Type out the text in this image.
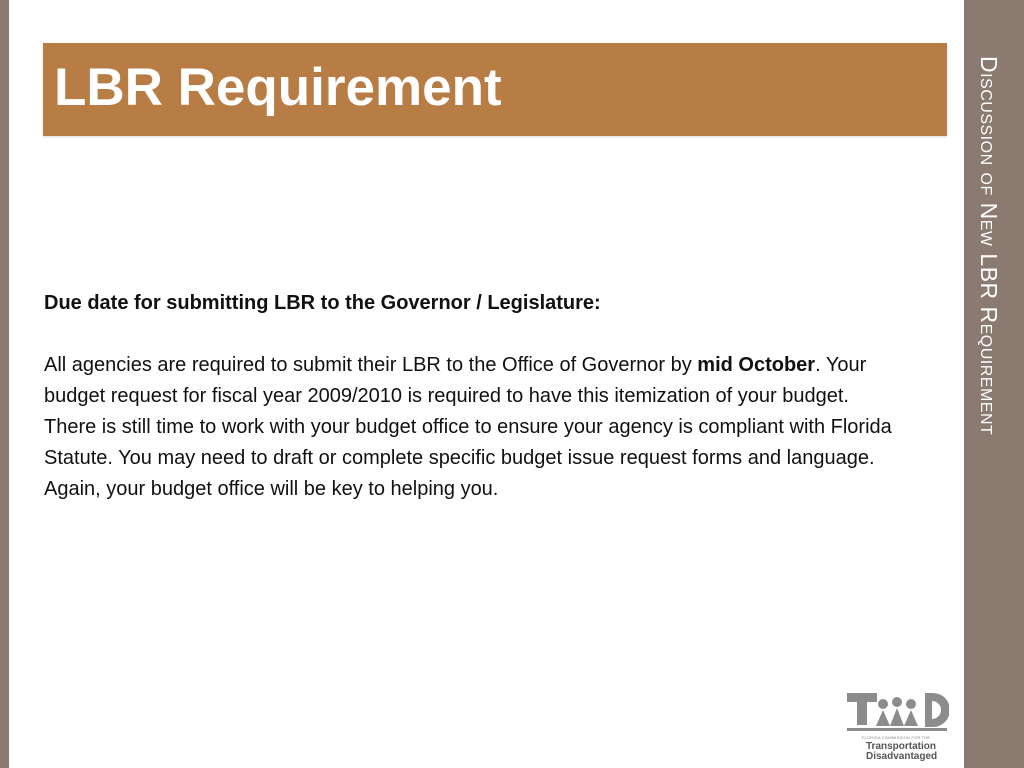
Discussion of New LBR Requirement
LBR Requirement

Due date for submitting LBR to the Governor / Legislature:

All agencies are required to submit their LBR to the Office of Governor by mid October. Your budget request for fiscal year 2009/2010 is required to have this itemization of your budget. There is still time to work with your budget office to ensure your agency is compliant with Florida Statute. You may need to draft or complete specific budget issue request forms and language. Again, your budget office will be key to helping you.

FLORIDA COMMISSION FOR THE
Transportation
Disadvantaged
